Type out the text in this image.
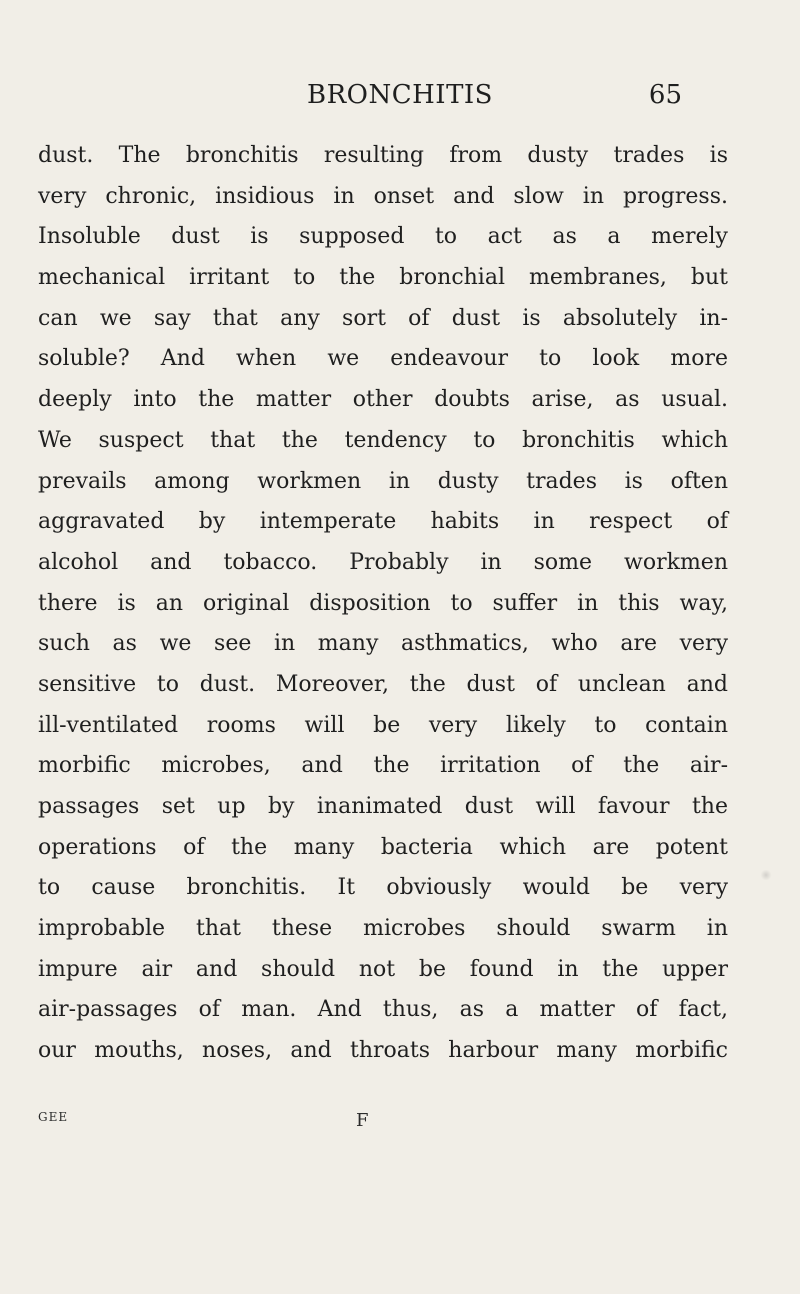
BRONCHITIS	65
dust. The bronchitis resulting from dusty trades is
very chronic, insidious in onset and slow in progress.
Insoluble dust is supposed to act as a merely
mechanical irritant to the bronchial membranes, but
can we say that any sort of dust is absolutely in-
soluble? And when we endeavour to look more
deeply into the matter other doubts arise, as usual.
We suspect that the tendency to bronchitis which
prevails among workmen in dusty trades is often
aggravated by intemperate habits in respect of
alcohol and tobacco. Probably in some workmen
there is an original disposition to suffer in this way,
such as we see in many asthmatics, who are very
sensitive to dust. Moreover, the dust of unclean and
ill-ventilated rooms will be very likely to contain
morbific microbes, and the irritation of the air-
passages set up by inanimated dust will favour the
operations of the many bacteria which are potent
to cause bronchitis. It obviously would be very
improbable that these microbes should swarm in
impure air and should not be found in the upper
air-passages of man. And thus, as a matter of fact,
our mouths, noses, and throats harbour many morbific
GEE	F
